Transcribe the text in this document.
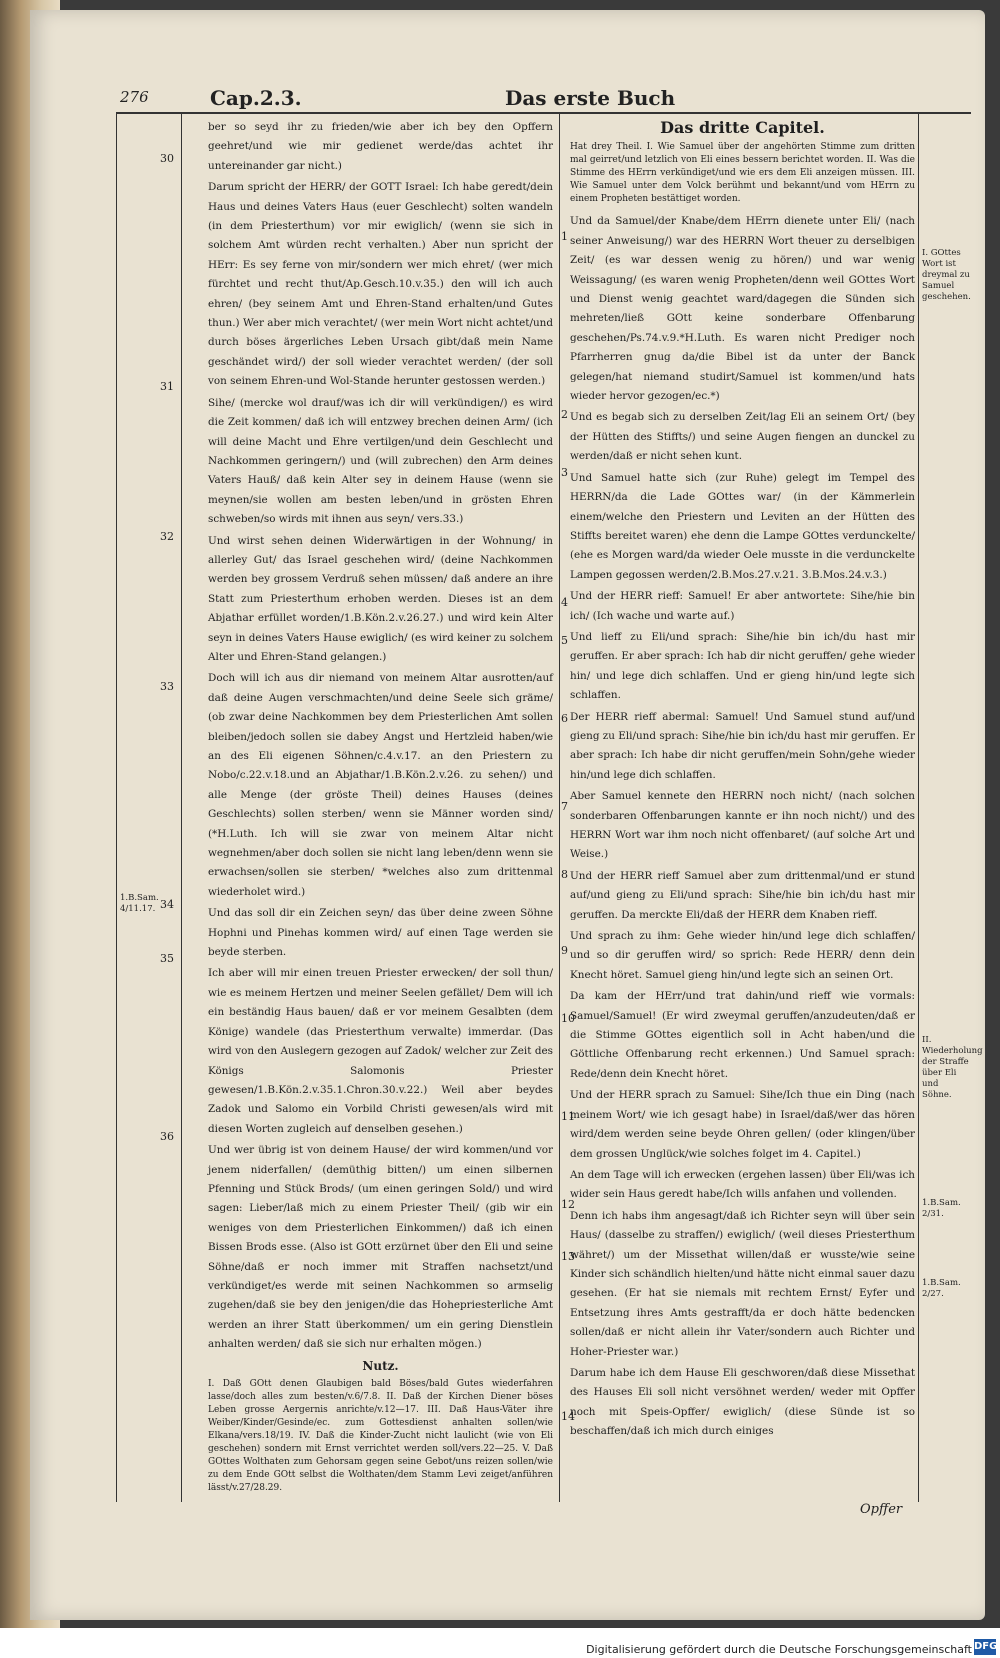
276	Cap.2.3.	Das erste Buch
30
31
32
33
34
35
36
1.B.Sam. 4/11.17.

ber so seyd ihr zu frieden/wie aber ich bey den Opffern geehret/und wie mir gedienet werde/das achtet ihr untereinander gar nicht.)

Darum spricht der HERR/ der GOTT Israel: Ich habe geredt/dein Haus und deines Vaters Haus (euer Geschlecht) solten wandeln (in dem Priesterthum) vor mir ewiglich/ (wenn sie sich in solchem Amt würden recht verhalten.) Aber nun spricht der HErr: Es sey ferne von mir/sondern wer mich ehret/ (wer mich fürchtet und recht thut/Ap.Gesch.10.v.35.) den will ich auch ehren/ (bey seinem Amt und Ehren-Stand erhalten/und Gutes thun.) Wer aber mich verachtet/ (wer mein Wort nicht achtet/und durch böses ärgerliches Leben Ursach gibt/daß mein Name geschändet wird/) der soll wieder verachtet werden/ (der soll von seinem Ehren-und Wol-Stande herunter gestossen werden.)

Sihe/ (mercke wol drauf/was ich dir will verkündigen/) es wird die Zeit kommen/ daß ich will entzwey brechen deinen Arm/ (ich will deine Macht und Ehre vertilgen/und dein Geschlecht und Nachkommen geringern/) und (will zubrechen) den Arm deines Vaters Hauß/ daß kein Alter sey in deinem Hause (wenn sie meynen/sie wollen am besten leben/und in grösten Ehren schweben/so wirds mit ihnen aus seyn/ vers.33.)

Und wirst sehen deinen Widerwärtigen in der Wohnung/ in allerley Gut/ das Israel geschehen wird/ (deine Nachkommen werden bey grossem Verdruß sehen müssen/ daß andere an ihre Statt zum Priesterthum erhoben werden. Dieses ist an dem Abjathar erfüllet worden/1.B.Kön.2.v.26.27.) und wird kein Alter seyn in deines Vaters Hause ewiglich/ (es wird keiner zu solchem Alter und Ehren-Stand gelangen.)

Doch will ich aus dir niemand von meinem Altar ausrotten/auf daß deine Augen verschmachten/und deine Seele sich gräme/ (ob zwar deine Nachkommen bey dem Priesterlichen Amt sollen bleiben/jedoch sollen sie dabey Angst und Hertzleid haben/wie an des Eli eigenen Söhnen/c.4.v.17. an den Priestern zu Nobo/c.22.v.18.und an Abjathar/1.B.Kön.2.v.26. zu sehen/) und alle Menge (der gröste Theil) deines Hauses (deines Geschlechts) sollen sterben/ wenn sie Männer worden sind/ (*H.Luth. Ich will sie zwar von meinem Altar nicht wegnehmen/aber doch sollen sie nicht lang leben/denn wenn sie erwachsen/sollen sie sterben/ *welches also zum drittenmal wiederholet wird.)

Und das soll dir ein Zeichen seyn/ das über deine zween Söhne Hophni und Pinehas kommen wird/ auf einen Tage werden sie beyde sterben.

Ich aber will mir einen treuen Priester erwecken/ der soll thun/ wie es meinem Hertzen und meiner Seelen gefället/ Dem will ich ein beständig Haus bauen/ daß er vor meinem Gesalbten (dem Könige) wandele (das Priesterthum verwalte) immerdar. (Das wird von den Auslegern gezogen auf Zadok/ welcher zur Zeit des Königs Salomonis Priester gewesen/1.B.Kön.2.v.35.1.Chron.30.v.22.) Weil aber beydes Zadok und Salomo ein Vorbild Christi gewesen/als wird mit diesen Worten zugleich auf denselben gesehen.)

Und wer übrig ist von deinem Hause/ der wird kommen/und vor jenem niderfallen/ (demüthig bitten/) um einen silbernen Pfenning und Stück Brods/ (um einen geringen Sold/) und wird sagen: Lieber/laß mich zu einem Priester Theil/ (gib wir ein weniges von dem Priesterlichen Einkommen/) daß ich einen Bissen Brods esse. (Also ist GOtt erzürnet über den Eli und seine Söhne/daß er noch immer mit Straffen nachsetzt/und verkündiget/es werde mit seinen Nachkommen so armselig zugehen/daß sie bey den jenigen/die das Hohepriesterliche Amt werden an ihrer Statt überkommen/ um ein gering Dienstlein anhalten werden/ daß sie sich nur erhalten mögen.)

Nutz.
I. Daß GOtt denen Glaubigen bald Böses/bald Gutes wiederfahren lasse/doch alles zum besten/v.6/7.8. II. Daß der Kirchen Diener böses Leben grosse Aergernis anrichte/v.12—17. III. Daß Haus-Väter ihre Weiber/Kinder/Gesinde/ec. zum Gottesdienst anhalten sollen/wie Elkana/vers.18/19. IV. Daß die Kinder-Zucht nicht laulicht (wie von Eli geschehen) sondern mit Ernst verrichtet werden soll/vers.22—25. V. Daß GOttes Wolthaten zum Gehorsam gegen seine Gebot/uns reizen sollen/wie zu dem Ende GOtt selbst die Wolthaten/dem Stamm Levi zeiget/anführen lässt/v.27/28.29.
1
2
3
4
5
6
7
8
9
10
11
12
13
14
I. GOttes Wort ist dreymal zu Samuel geschehen.
II. Wiederholung der Straffe über Eli und Söhne.
1.B.Sam. 2/31.
1.B.Sam. 2/27.
Das dritte Capitel.
Hat drey Theil. I. Wie Samuel über der angehörten Stimme zum dritten mal geirret/und letzlich von Eli eines bessern berichtet worden. II. Was die Stimme des HErrn verkündiget/und wie ers dem Eli anzeigen müssen. III. Wie Samuel unter dem Volck berühmt und bekannt/und vom HErrn zu einem Propheten bestättiget worden.

Und da Samuel/der Knabe/dem HErrn dienete unter Eli/ (nach seiner Anweisung/) war des HERRN Wort theuer zu derselbigen Zeit/ (es war dessen wenig zu hören/) und war wenig Weissagung/ (es waren wenig Propheten/denn weil GOttes Wort und Dienst wenig geachtet ward/dagegen die Sünden sich mehreten/ließ GOtt keine sonderbare Offenbarung geschehen/Ps.74.v.9.*H.Luth. Es waren nicht Prediger noch Pfarrherren gnug da/die Bibel ist da unter der Banck gelegen/hat niemand studirt/Samuel ist kommen/und hats wieder hervor gezogen/ec.*)

Und es begab sich zu derselben Zeit/lag Eli an seinem Ort/ (bey der Hütten des Stiffts/) und seine Augen fiengen an dunckel zu werden/daß er nicht sehen kunt.

Und Samuel hatte sich (zur Ruhe) gelegt im Tempel des HERRN/da die Lade GOttes war/ (in der Kämmerlein einem/welche den Priestern und Leviten an der Hütten des Stiffts bereitet waren) ehe denn die Lampe GOttes verdunckelte/ (ehe es Morgen ward/da wieder Oele musste in die verdunckelte Lampen gegossen werden/2.B.Mos.27.v.21. 3.B.Mos.24.v.3.)

Und der HERR rieff: Samuel! Er aber antwortete: Sihe/hie bin ich/ (Ich wache und warte auf.)

Und lieff zu Eli/und sprach: Sihe/hie bin ich/du hast mir geruffen. Er aber sprach: Ich hab dir nicht geruffen/ gehe wieder hin/ und lege dich schlaffen. Und er gieng hin/und legte sich schlaffen.

Der HERR rieff abermal: Samuel! Und Samuel stund auf/und gieng zu Eli/und sprach: Sihe/hie bin ich/du hast mir geruffen. Er aber sprach: Ich habe dir nicht geruffen/mein Sohn/gehe wieder hin/und lege dich schlaffen.

Aber Samuel kennete den HERRN noch nicht/ (nach solchen sonderbaren Offenbarungen kannte er ihn noch nicht/) und des HERRN Wort war ihm noch nicht offenbaret/ (auf solche Art und Weise.)

Und der HERR rieff Samuel aber zum drittenmal/und er stund auf/und gieng zu Eli/und sprach: Sihe/hie bin ich/du hast mir geruffen. Da merckte Eli/daß der HERR dem Knaben rieff.

Und sprach zu ihm: Gehe wieder hin/und lege dich schlaffen/ und so dir geruffen wird/ so sprich: Rede HERR/ denn dein Knecht höret. Samuel gieng hin/und legte sich an seinen Ort.

Da kam der HErr/und trat dahin/und rieff wie vormals: Samuel/Samuel! (Er wird zweymal geruffen/anzudeuten/daß er die Stimme GOttes eigentlich soll in Acht haben/und die Göttliche Offenbarung recht erkennen.) Und Samuel sprach: Rede/denn dein Knecht höret.

Und der HERR sprach zu Samuel: Sihe/Ich thue ein Ding (nach meinem Wort/ wie ich gesagt habe) in Israel/daß/wer das hören wird/dem werden seine beyde Ohren gellen/ (oder klingen/über dem grossen Unglück/wie solches folget im 4. Capitel.)

An dem Tage will ich erwecken (ergehen lassen) über Eli/was ich wider sein Haus geredt habe/Ich wills anfahen und vollenden.

Denn ich habs ihm angesagt/daß ich Richter seyn will über sein Haus/ (dasselbe zu straffen/) ewiglich/ (weil dieses Priesterthum währet/) um der Missethat willen/daß er wusste/wie seine Kinder sich schändlich hielten/und hätte nicht einmal sauer dazu gesehen. (Er hat sie niemals mit rechtem Ernst/ Eyfer und Entsetzung ihres Amts gestrafft/da er doch hätte bedencken sollen/daß er nicht allein ihr Vater/sondern auch Richter und Hoher-Priester war.)

Darum habe ich dem Hause Eli geschworen/daß diese Missethat des Hauses Eli soll nicht versöhnet werden/ weder mit Opffer noch mit Speis-Opffer/ ewiglich/ (diese Sünde ist so beschaffen/daß ich mich durch einiges

Opffer
Digitalisierung gefördert durch die Deutsche Forschungsgemeinschaft DFG
